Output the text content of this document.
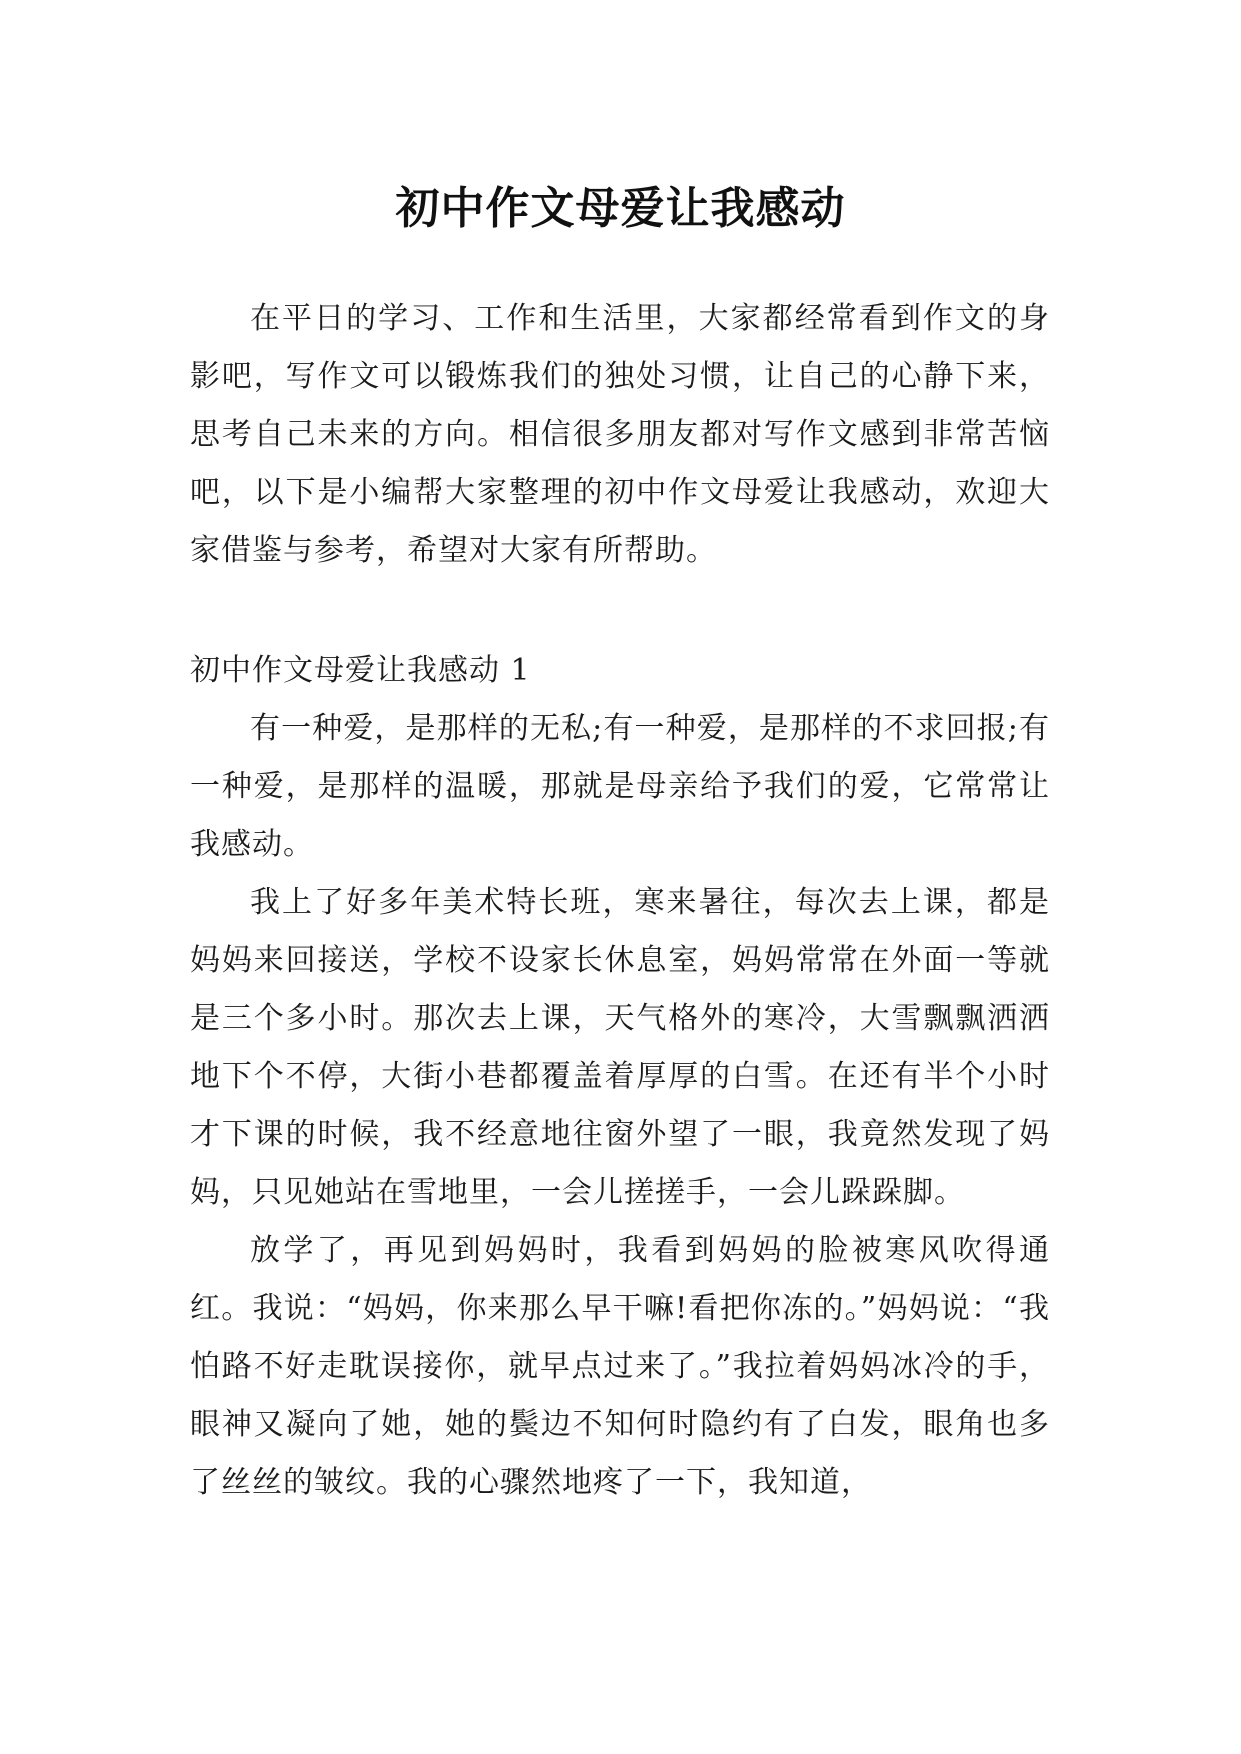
初中作文母爱让我感动

在平日的学习、工作和生活里，大家都经常看到作文的身影吧，写作文可以锻炼我们的独处习惯，让自己的心静下来，思考自己未来的方向。相信很多朋友都对写作文感到非常苦恼吧，以下是小编帮大家整理的初中作文母爱让我感动，欢迎大家借鉴与参考，希望对大家有所帮助。

初中作文母爱让我感动 1

有一种爱，是那样的无私;有一种爱，是那样的不求回报;有一种爱，是那样的温暖，那就是母亲给予我们的爱，它常常让我感动。

我上了好多年美术特长班，寒来暑往，每次去上课，都是妈妈来回接送，学校不设家长休息室，妈妈常常在外面一等就是三个多小时。那次去上课，天气格外的寒冷，大雪飘飘洒洒地下个不停，大街小巷都覆盖着厚厚的白雪。在还有半个小时才下课的时候，我不经意地往窗外望了一眼，我竟然发现了妈妈，只见她站在雪地里，一会儿搓搓手，一会儿跺跺脚。

放学了，再见到妈妈时，我看到妈妈的脸被寒风吹得通红。我说：“妈妈，你来那么早干嘛!看把你冻的。”妈妈说：“我怕路不好走耽误接你，就早点过来了。”我拉着妈妈冰冷的手，眼神又凝向了她，她的鬓边不知何时隐约有了白发，眼角也多了丝丝的皱纹。我的心骤然地疼了一下，我知道，
